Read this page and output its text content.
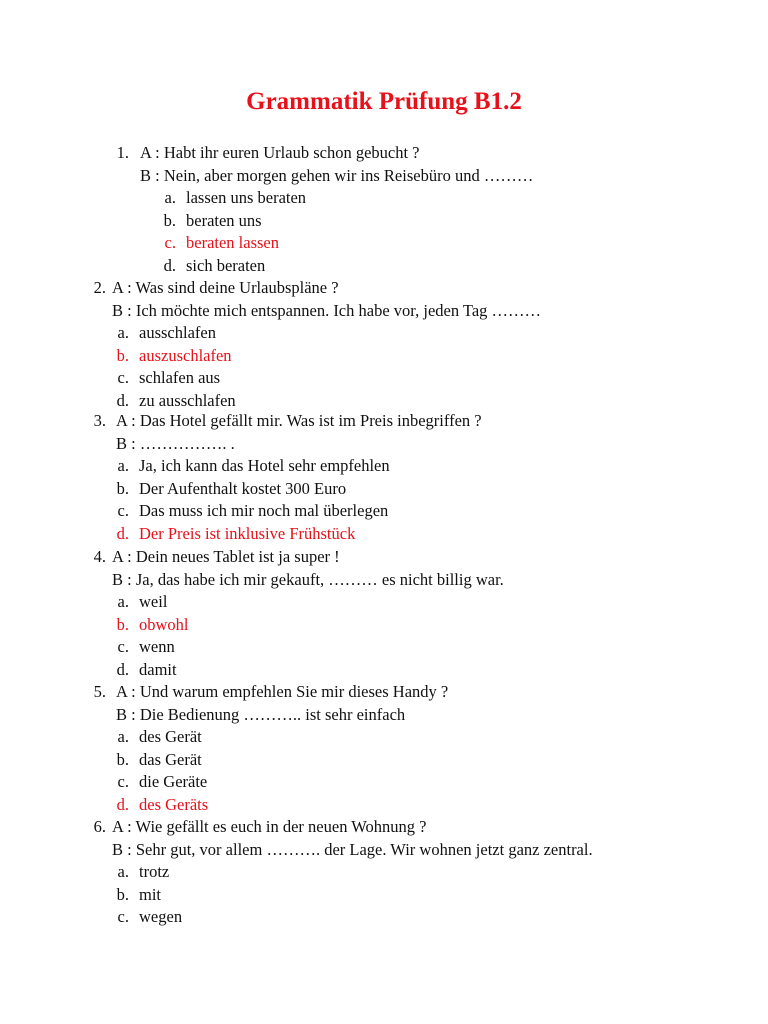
Grammatik Prüfung B1.2
1. A : Habt ihr euren Urlaub schon gebucht ?
B : Nein, aber morgen gehen wir ins Reisebüro und ………
a. lassen uns beraten
b. beraten uns
c. beraten lassen
d. sich beraten
2. A : Was sind deine Urlaubspläne ?
B : Ich möchte mich entspannen. Ich habe vor, jeden Tag ………
a. ausschlafen
b. auszuschlafen
c. schlafen aus
d. zu ausschlafen
3. A : Das Hotel gefällt mir. Was ist im Preis inbegriffen ?
B : ……………. .
a. Ja, ich kann das Hotel sehr empfehlen
b. Der Aufenthalt kostet 300 Euro
c. Das muss ich mir noch mal überlegen
d. Der Preis ist inklusive Frühstück
4. A : Dein neues Tablet ist ja super !
B : Ja, das habe ich mir gekauft, ……… es nicht billig war.
a. weil
b. obwohl
c. wenn
d. damit
5. A : Und warum empfehlen Sie mir dieses Handy ?
B : Die Bedienung ……….. ist sehr einfach
a. des Gerät
b. das Gerät
c. die Geräte
d. des Geräts
6. A : Wie gefällt es euch in der neuen Wohnung ?
B : Sehr gut, vor allem ………. der Lage. Wir wohnen jetzt ganz zentral.
a. trotz
b. mit
c. wegen
